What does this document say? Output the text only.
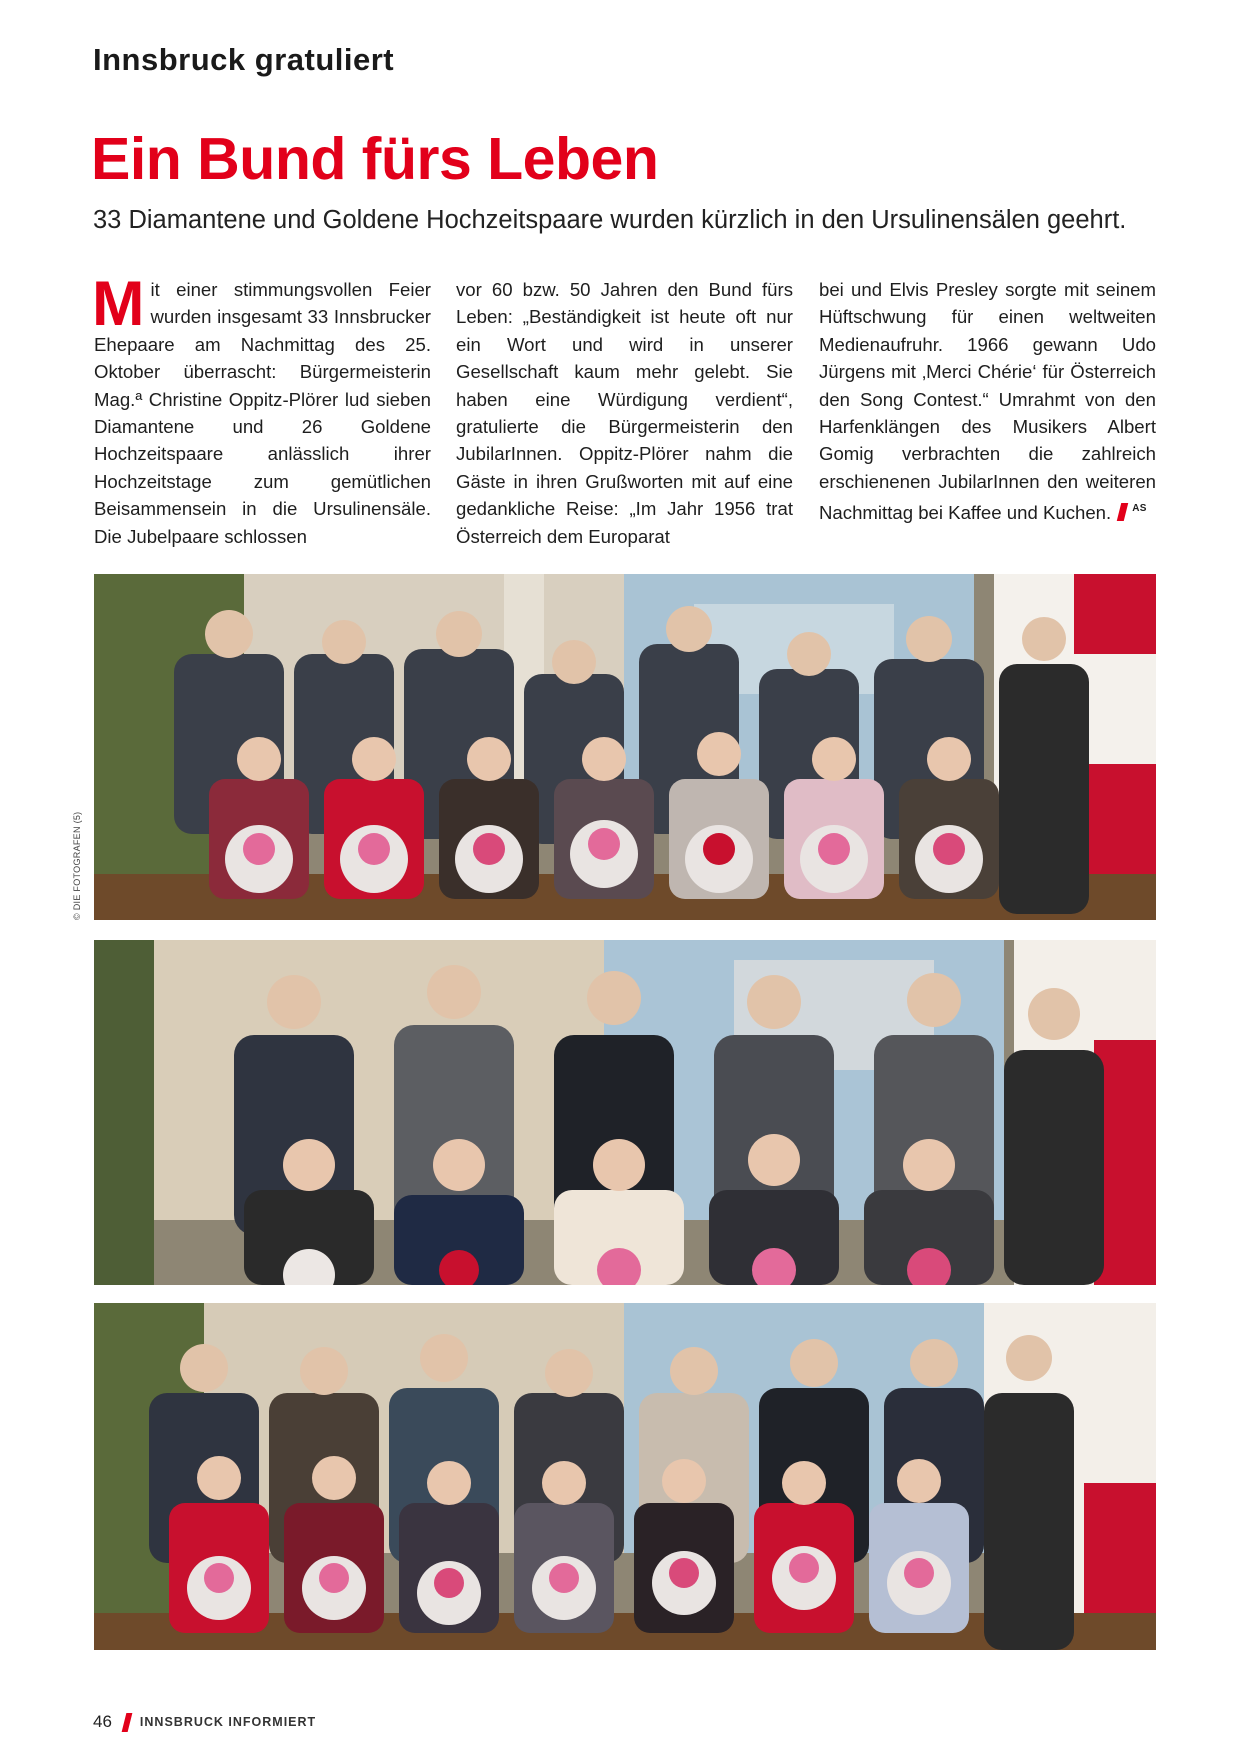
Innsbruck gratuliert
Ein Bund fürs Leben

33 Diamantene und Goldene Hochzeitspaare wurden kürzlich in den Ursulinensälen geehrt.

M it einer stimmungsvollen Feier wurden insgesamt 33 Innsbrucker Ehepaare am Nachmittag des 25. Oktober überrascht: Bürgermeisterin Mag.ª Christine Oppitz-Plörer lud sieben Diamantene und 26 Goldene Hochzeitspaare anlässlich ihrer Hochzeitstage zum gemütlichen Beisammensein in die Ursulinensäle. Die Jubelpaare schlossen

vor 60 bzw. 50 Jahren den Bund fürs Leben: „Beständigkeit ist heute oft nur ein Wort und wird in unserer Gesellschaft kaum mehr gelebt. Sie haben eine Würdigung verdient“, gratulierte die Bürgermeisterin den JubilarInnen. Oppitz-Plörer nahm die Gäste in ihren Grußworten mit auf eine gedankliche Reise: „Im Jahr 1956 trat Österreich dem Europarat

bei und Elvis Presley sorgte mit seinem Hüftschwung für einen weltweiten Medienaufruhr. 1966 gewann Udo Jürgens mit ‚Merci Chérie‘ für Österreich den Song Contest.“ Umrahmt von den Harfenklängen des Musikers Albert Gomig verbrachten die zahlreich erschienenen JubilarInnen den weiteren Nachmittag bei Kaffee und Kuchen. $^{AS}$

© DIE FOTOGRAFEN (5)
46 INNSBRUCK INFORMIERT
